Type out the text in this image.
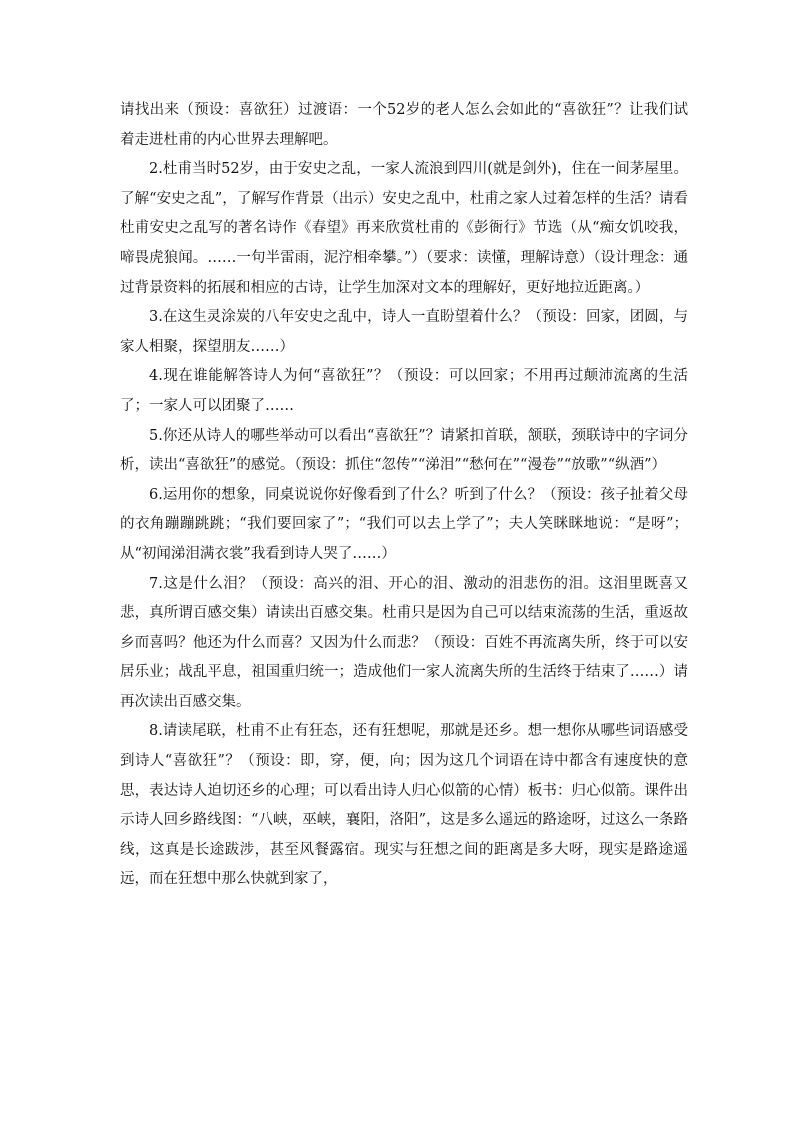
请找出来（预设：喜欲狂）过渡语：一个52岁的老人怎么会如此的“喜欲狂”？让我们试着走进杜甫的内心世界去理解吧。

2.杜甫当时52岁，由于安史之乱，一家人流浪到四川(就是剑外)，住在一间茅屋里。了解“安史之乱”，了解写作背景（出示）安史之乱中，杜甫之家人过着怎样的生活？请看杜甫安史之乱写的著名诗作《春望》再来欣赏杜甫的《彭衙行》节选（从“痴女饥咬我，啼畏虎狼闻。……一句半雷雨，泥泞相牵攀。”）（要求：读懂，理解诗意）（设计理念：通过背景资料的拓展和相应的古诗，让学生加深对文本的理解好，更好地拉近距离。）

3.在这生灵涂炭的八年安史之乱中，诗人一直盼望着什么？（预设：回家，团圆，与家人相聚，探望朋友……）

4.现在谁能解答诗人为何“喜欲狂”？（预设：可以回家；不用再过颠沛流离的生活了；一家人可以团聚了……

5.你还从诗人的哪些举动可以看出“喜欲狂”？请紧扣首联，颔联，颈联诗中的字词分析，读出“喜欲狂”的感觉。（预设：抓住“忽传”“涕泪”“愁何在”“漫卷”“放歌”“纵酒”）

6.运用你的想象，同桌说说你好像看到了什么？听到了什么？（预设：孩子扯着父母的衣角蹦蹦跳跳；“我们要回家了”；“我们可以去上学了”；夫人笑眯眯地说：“是呀”；从“初闻涕泪满衣裳”我看到诗人哭了……）

7.这是什么泪？（预设：高兴的泪、开心的泪、激动的泪悲伤的泪。这泪里既喜又悲，真所谓百感交集）请读出百感交集。杜甫只是因为自己可以结束流荡的生活，重返故乡而喜吗？他还为什么而喜？又因为什么而悲？（预设：百姓不再流离失所，终于可以安居乐业；战乱平息，祖国重归统一；造成他们一家人流离失所的生活终于结束了……）请再次读出百感交集。

8.请读尾联，杜甫不止有狂态，还有狂想呢，那就是还乡。想一想你从哪些词语感受到诗人“喜欲狂”？（预设：即，穿，便，向；因为这几个词语在诗中都含有速度快的意思，表达诗人迫切还乡的心理；可以看出诗人归心似箭的心情）板书：归心似箭。课件出示诗人回乡路线图：“八峡，巫峡，襄阳，洛阳”，这是多么遥远的路途呀，过这么一条路线，这真是长途跋涉，甚至风餐露宿。现实与狂想之间的距离是多大呀，现实是路途遥远，而在狂想中那么快就到家了，
